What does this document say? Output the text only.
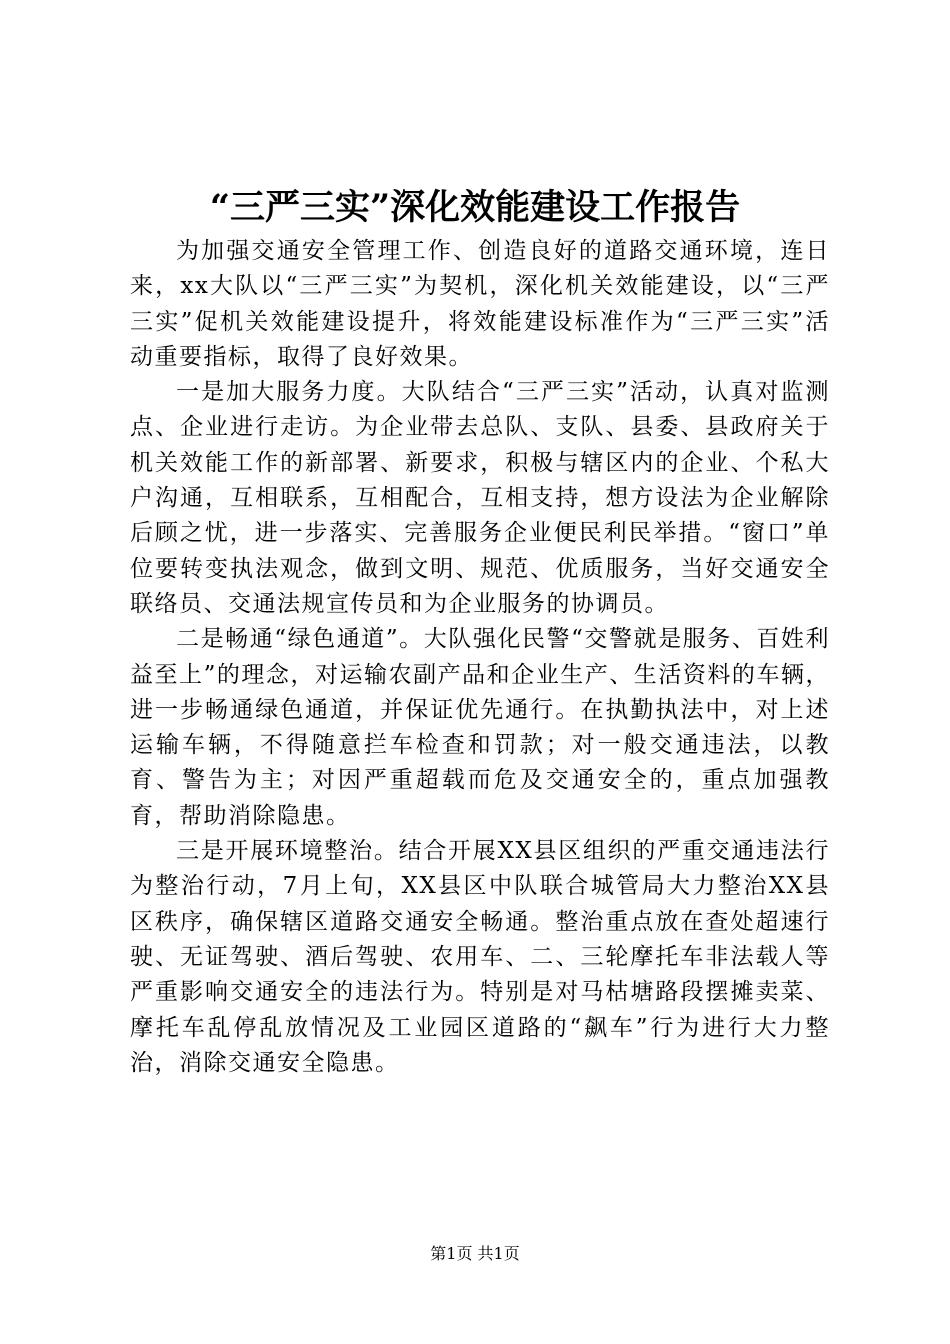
“三严三实”深化效能建设工作报告

为加强交通安全管理工作、创造良好的道路交通环境，连日来，xx大队以“三严三实”为契机，深化机关效能建设，以“三严三实”促机关效能建设提升，将效能建设标准作为“三严三实”活动重要指标，取得了良好效果。

一是加大服务力度。大队结合“三严三实”活动，认真对监测点、企业进行走访。为企业带去总队、支队、县委、县政府关于机关效能工作的新部署、新要求，积极与辖区内的企业、个私大户沟通，互相联系，互相配合，互相支持，想方设法为企业解除后顾之忧，进一步落实、完善服务企业便民利民举措。“窗口”单位要转变执法观念，做到文明、规范、优质服务，当好交通安全联络员、交通法规宣传员和为企业服务的协调员。

二是畅通“绿色通道”。大队强化民警“交警就是服务、百姓利益至上”的理念，对运输农副产品和企业生产、生活资料的车辆，进一步畅通绿色通道，并保证优先通行。在执勤执法中，对上述运输车辆，不得随意拦车检查和罚款；对一般交通违法，以教育、警告为主；对因严重超载而危及交通安全的，重点加强教育，帮助消除隐患。

三是开展环境整治。结合开展XX县区组织的严重交通违法行为整治行动，7月上旬，XX县区中队联合城管局大力整治XX县区秩序，确保辖区道路交通安全畅通。整治重点放在查处超速行驶、无证驾驶、酒后驾驶、农用车、二、三轮摩托车非法载人等严重影响交通安全的违法行为。特别是对马枯塘路段摆摊卖菜、摩托车乱停乱放情况及工业园区道路的“飙车”行为进行大力整治，消除交通安全隐患。

第1页 共1页
